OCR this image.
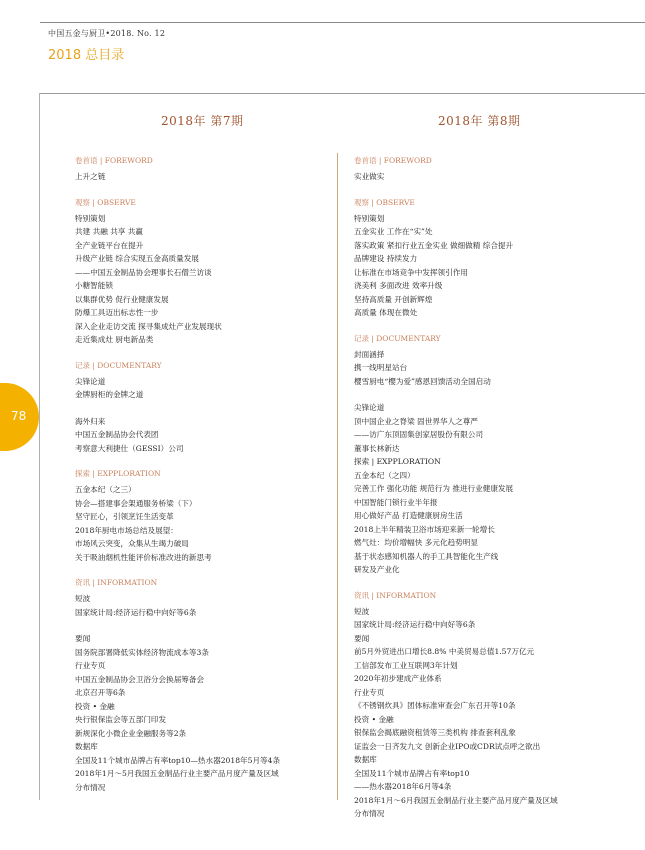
中国五金与厨卫•2018. No. 12
2018 总目录
78
2018年 第7期	2018年 第8期
卷首语 | FOREWORD
上升之链
观察 | OBSERVE
特别策划
共建 共融 共享 共赢
全产业链平台在提升
升级产业链 综合实现五金高质量发展
——中国五金制品协会理事长石僧兰访谈
小糖智能锁
以集群优势 促行业健康发展
防爆工具迈出标志性一步
深入企业走访交流 探寻集成灶产业发展现状
走近集成灶 厨电新品类
记录 | DOCUMENTARY
尖锋论道
金牌厨柜的金牌之道
海外归来
中国五金制品协会代表团
考察意大利捷仕（GESSI）公司
探索 | EXPPLORATION
五金本纪（之三）
协会—搭建事会架通服务桥梁（下）
坚守匠心，引领烹饪生活变革
2018年厨电市场总结及展望：
市场风云突变，众集从生竭力破局
关于吸油烟机性能评价标准改进的新思考
资讯 | INFORMATION
短波
国家统计局:经济运行稳中向好等6条
要闻
国务院部署降低实体经济物流成本等3条
行业专页
中国五金制品协会卫浴分会换届筹备会
北京召开等6条
投资 • 金融
央行银保监会等五部门印发
新规深化小微企业金融服务等2条
数据库
全国及11个城市品牌占有率top10—热水器2018年5月等4条
2018年1月～5月我国五金制品行业主要产品月度产量及区域
分布情况
卷首语 | FOREWORD
实业做实
观察 | OBSERVE
特别策划
五金实业 工作在“实”处
落实政策 紧扣行业五金实业 做细做精 综合提升
品牌建设 持续发力
让标准在市场竞争中发挥领引作用
浇美利 多面改进 效率升级
坚持高质量 开创新辉煌
高质量 体现在微处
记录 | DOCUMENTARY
封面涵择
携一线明星站台
樱雪厨电“樱为爱”感恩回馈活动全国启动
尖锋论道
顶中国企业之脊梁 固世界华人之尊严
——访广东顶固集创家居股份有限公司
董事长林新达
探索 | EXPPLORATION
五金本纪（之四）
完善工作 强化功能 规范行为 推进行业健康发展
中国智能门锁行业半年报
用心做好产品 打造健康厨房生活
2018上半年精装卫浴市场迎来新一轮增长
燃气灶：均价增幅快 多元化趋势明显
基于状态感知机器人的手工具智能化生产线
研发及产业化
资讯 | INFORMATION
短波
国家统计局:经济运行稳中向好等6条
要闻
前5月外贸进出口增长8.8% 中美贸易总值1.57万亿元
工信部发布工业互联网3年计划
2020年初步建成产业体系
行业专页
《不锈钢炊具》团体标准审查会广东召开等10条
投资 • 金融
银保监会揭底融资租赁等三类机构 排查套利乱象
证监会一日齐发九文 创新企业IPO或CDR试点呼之欲出
数据库
全国及11个城市品牌占有率top10
——热水器2018年6月等4条
2018年1月～6月我国五金制品行业主要产品月度产量及区域
分布情况
